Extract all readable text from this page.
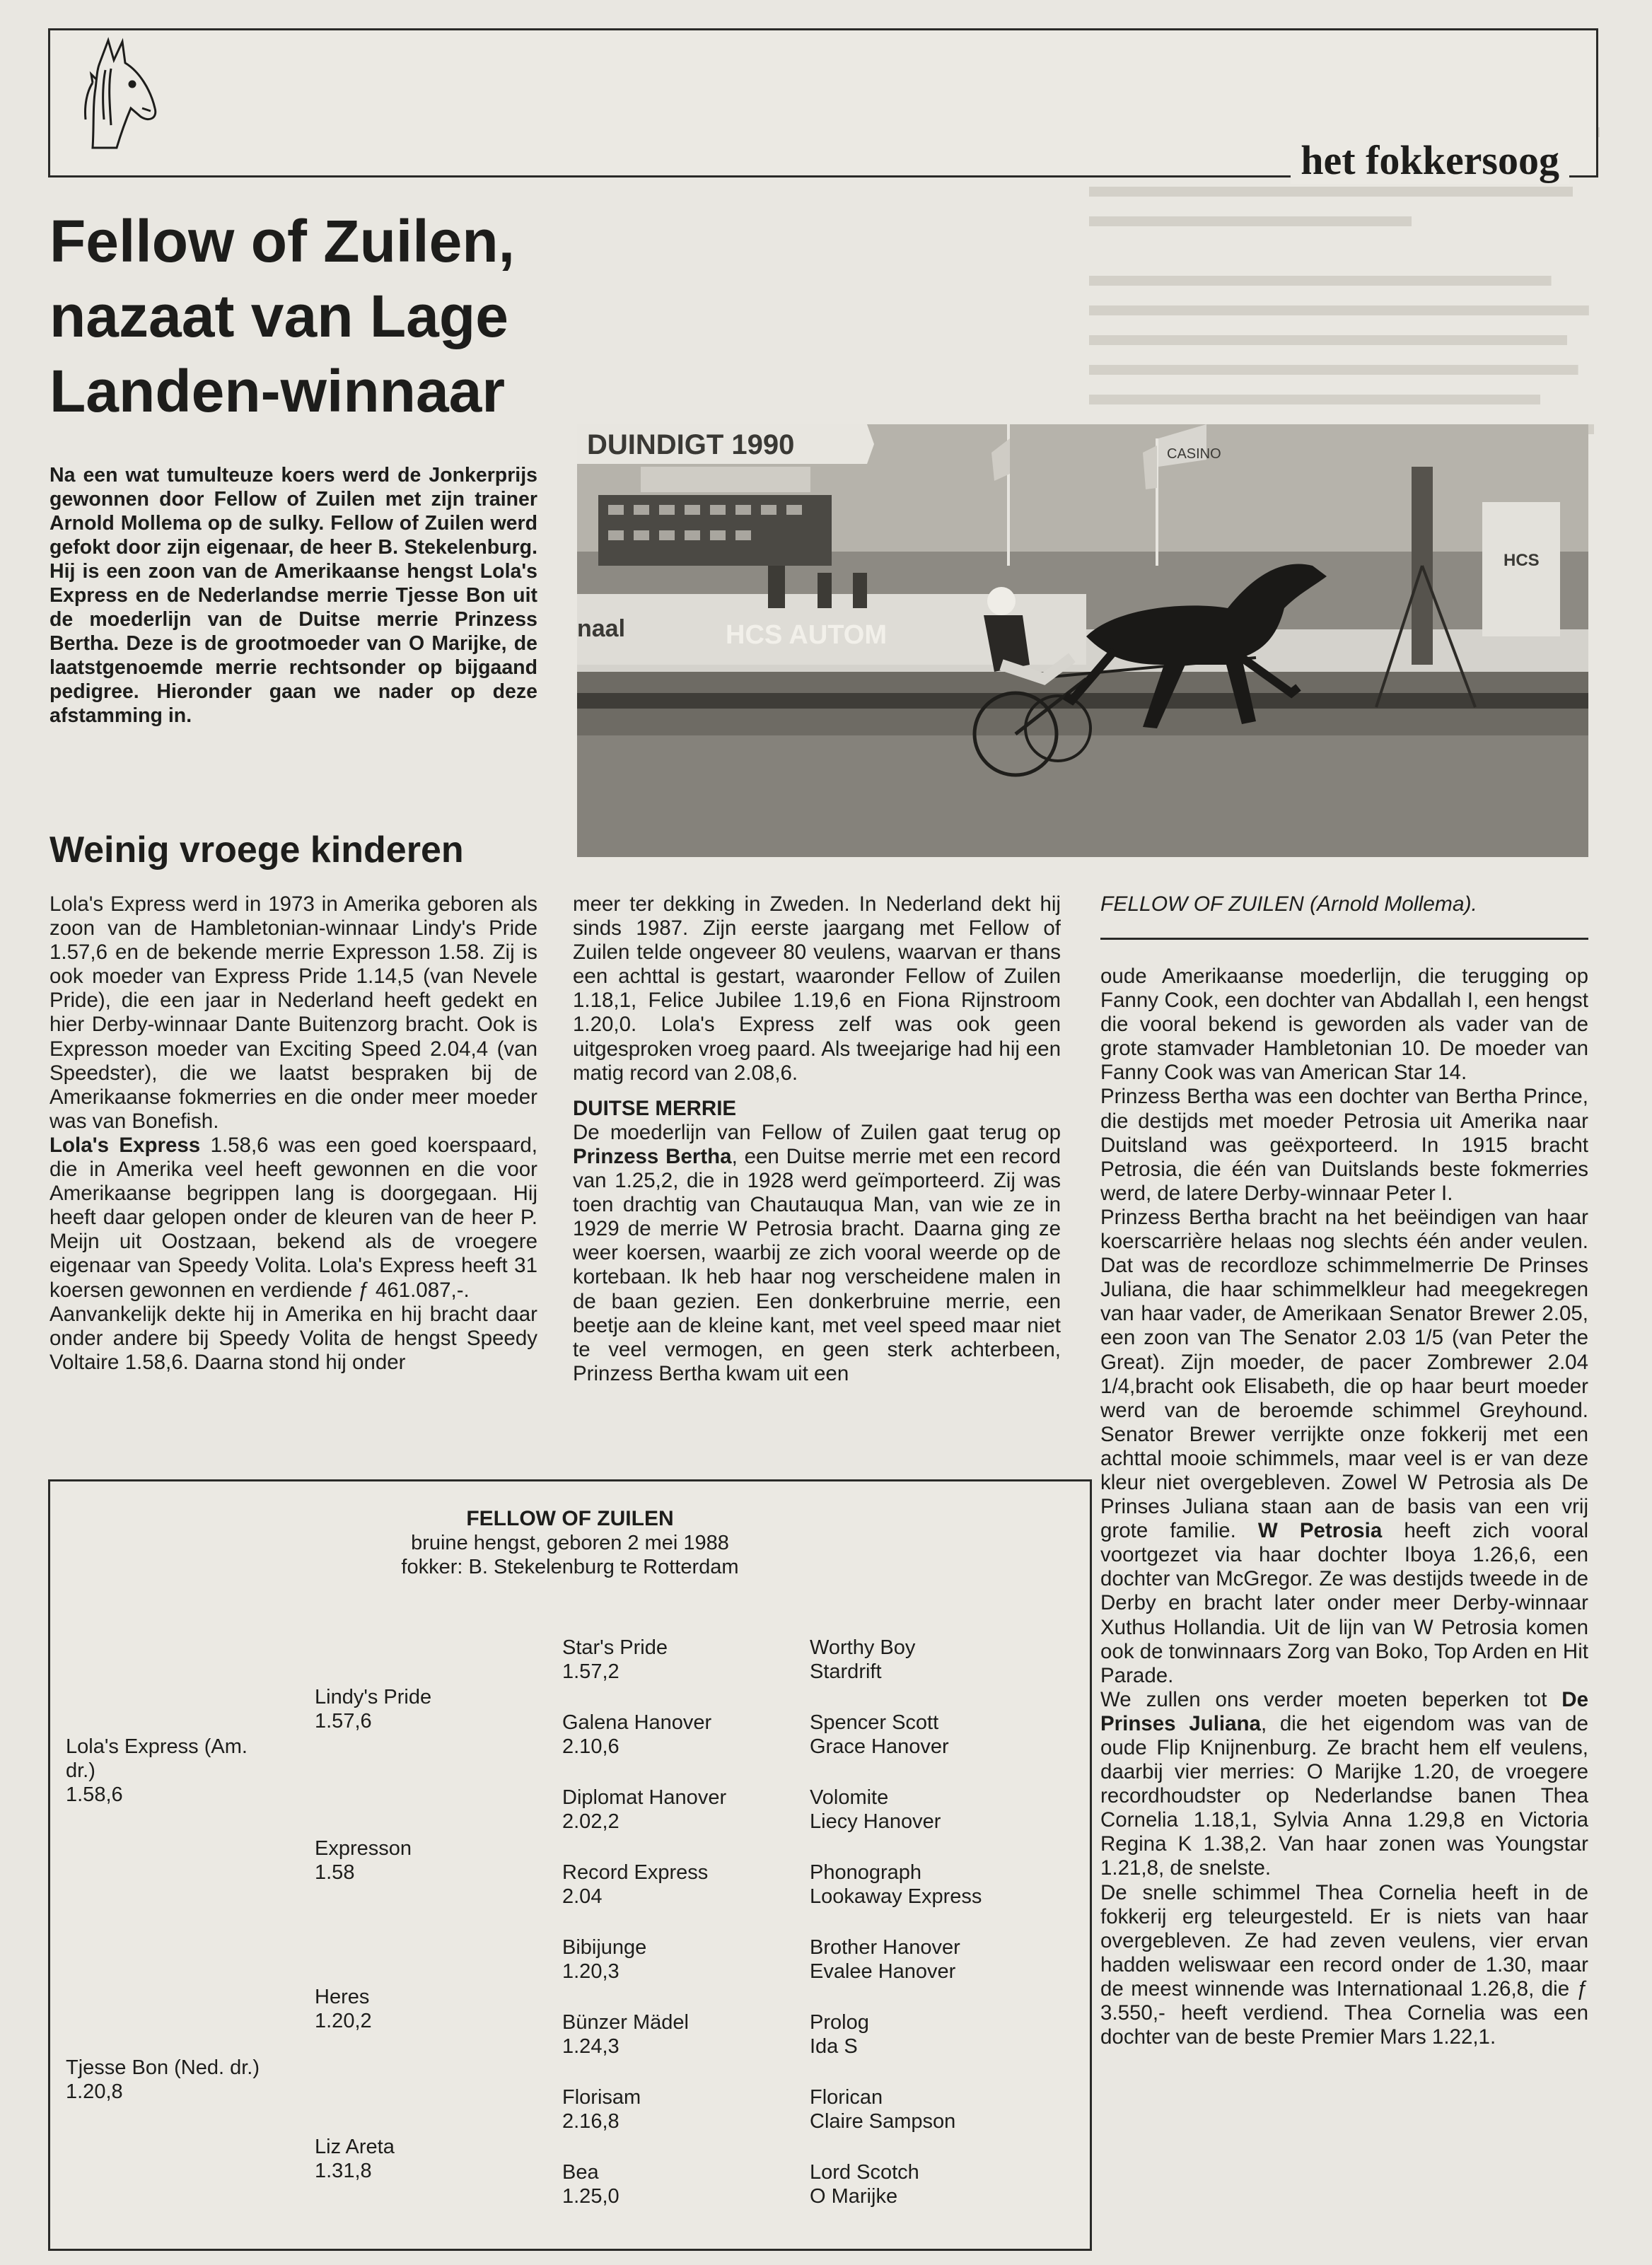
het fokkersoog
Fellow of Zuilen,
nazaat van Lage
Landen-winnaar
Na een wat tumulteuze koers werd de Jonkerprijs gewonnen door Fellow of Zuilen met zijn trainer Arnold Mollema op de sulky. Fellow of Zuilen werd gefokt door zijn eigenaar, de heer B. Stekelenburg. Hij is een zoon van de Amerikaanse hengst Lola's Express en de Nederlandse merrie Tjesse Bon uit de moederlijn van de Duitse merrie Prinzess Bertha. Deze is de grootmoeder van O Marijke, de laatstgenoemde merrie rechtsonder op bijgaand pedigree. Hieronder gaan we nader op deze afstamming in.
DUINDIGT 1990	CASINO
HCS
naal	HCS AUTOM
FELLOW OF ZUILEN (Arnold Mollema).
Weinig vroege kinderen

Lola's Express werd in 1973 in Amerika geboren als zoon van de Hambletonian-winnaar Lindy's Pride 1.57,6 en de bekende merrie Expresson 1.58. Zij is ook moeder van Express Pride 1.14,5 (van Nevele Pride), die een jaar in Nederland heeft gedekt en hier Derby-winnaar Dante Buitenzorg bracht. Ook is Expresson moeder van Exciting Speed 2.04,4 (van Speedster), die we laatst bespraken bij de Amerikaanse fokmerries en die onder meer moeder was van Bonefish.

Lola's Express 1.58,6 was een goed koerspaard, die in Amerika veel heeft gewonnen en die voor Amerikaanse begrippen lang is doorgegaan. Hij heeft daar gelopen onder de kleuren van de heer P. Meijn uit Oostzaan, bekend als de vroegere eigenaar van Speedy Volita. Lola's Express heeft 31 koersen gewonnen en verdiende ƒ 461.087,-.

Aanvankelijk dekte hij in Amerika en hij bracht daar onder andere bij Speedy Volita de hengst Speedy Voltaire 1.58,6. Daarna stond hij onder

meer ter dekking in Zweden. In Nederland dekt hij sinds 1987. Zijn eerste jaargang met Fellow of Zuilen telde ongeveer 80 veulens, waarvan er thans een achttal is gestart, waaronder Fellow of Zuilen 1.18,1, Felice Jubilee 1.19,6 en Fiona Rijnstroom 1.20,0. Lola's Express zelf was ook geen uitgesproken vroeg paard. Als tweejarige had hij een matig record van 2.08,6.

DUITSE MERRIE

De moederlijn van Fellow of Zuilen gaat terug op Prinzess Bertha, een Duitse merrie met een record van 1.25,2, die in 1928 werd geïmporteerd. Zij was toen drachtig van Chautauqua Man, van wie ze in 1929 de merrie W Petrosia bracht. Daarna ging ze weer koersen, waarbij ze zich vooral weerde op de kortebaan. Ik heb haar nog verscheidene malen in de baan gezien. Een donkerbruine merrie, een beetje aan de kleine kant, met veel speed maar niet te veel vermogen, en geen sterk achterbeen, Prinzess Bertha kwam uit een

oude Amerikaanse moederlijn, die terugging op Fanny Cook, een dochter van Abdallah I, een hengst die vooral bekend is geworden als vader van de grote stamvader Hambletonian 10. De moeder van Fanny Cook was van American Star 14.

Prinzess Bertha was een dochter van Bertha Prince, die destijds met moeder Petrosia uit Amerika naar Duitsland was geëxporteerd. In 1915 bracht Petrosia, die één van Duitslands beste fokmerries werd, de latere Derby-winnaar Peter I.

Prinzess Bertha bracht na het beëindigen van haar koerscarrière helaas nog slechts één ander veulen. Dat was de recordloze schimmelmerrie De Prinses Juliana, die haar schimmelkleur had meegekregen van haar vader, de Amerikaan Senator Brewer 2.05, een zoon van The Senator 2.03 1/5 (van Peter the Great). Zijn moeder, de pacer Zombrewer 2.04 1/4,bracht ook Elisabeth, die op haar beurt moeder werd van de beroemde schimmel Greyhound. Senator Brewer verrijkte onze fokkerij met een achttal mooie schimmels, maar veel is er van deze kleur niet overgebleven. Zowel W Petrosia als De Prinses Juliana staan aan de basis van een vrij grote familie. W Petrosia heeft zich vooral voortgezet via haar dochter Iboya 1.26,6, een dochter van McGregor. Ze was destijds tweede in de Derby en bracht later onder meer Derby-winnaar Xuthus Hollandia. Uit de lijn van W Petrosia komen ook de tonwinnaars Zorg van Boko, Top Arden en Hit Parade.

We zullen ons verder moeten beperken tot De Prinses Juliana, die het eigendom was van de oude Flip Knijnenburg. Ze bracht hem elf veulens, daarbij vier merries: O Marijke 1.20, de vroegere recordhoudster op Nederlandse banen Thea Cornelia 1.18,1, Sylvia Anna 1.29,8 en Victoria Regina K 1.38,2. Van haar zonen was Youngstar 1.21,8, de snelste.

De snelle schimmel Thea Cornelia heeft in de fokkerij erg teleurgesteld. Er is niets van haar overgebleven. Ze had zeven veulens, vier ervan hadden weliswaar een record onder de 1.30, maar de meest winnende was Internationaal 1.26,8, die ƒ 3.550,- heeft verdiend. Thea Cornelia was een dochter van de beste Premier Mars 1.22,1.

FELLOW OF ZUILEN
bruine hengst, geboren 2 mei 1988
fokker: B. Stekelenburg te Rotterdam
Lola's Express (Am.
dr.)
1.58,6
Tjesse Bon (Ned. dr.)
1.20,8
Lindy's Pride
1.57,6
Expresson
1.58
Heres
1.20,2
Liz Areta
1.31,8
Star's Pride
1.57,2
Galena Hanover
2.10,6
Diplomat Hanover
2.02,2
Record Express
2.04
Bibijunge
1.20,3
Bünzer Mädel
1.24,3
Florisam
2.16,8
Bea
1.25,0
Worthy Boy
Stardrift
Spencer Scott
Grace Hanover
Volomite
Liecy Hanover
Phonograph
Lookaway Express
Brother Hanover
Evalee Hanover
Prolog
Ida S
Florican
Claire Sampson
Lord Scotch
O Marijke
